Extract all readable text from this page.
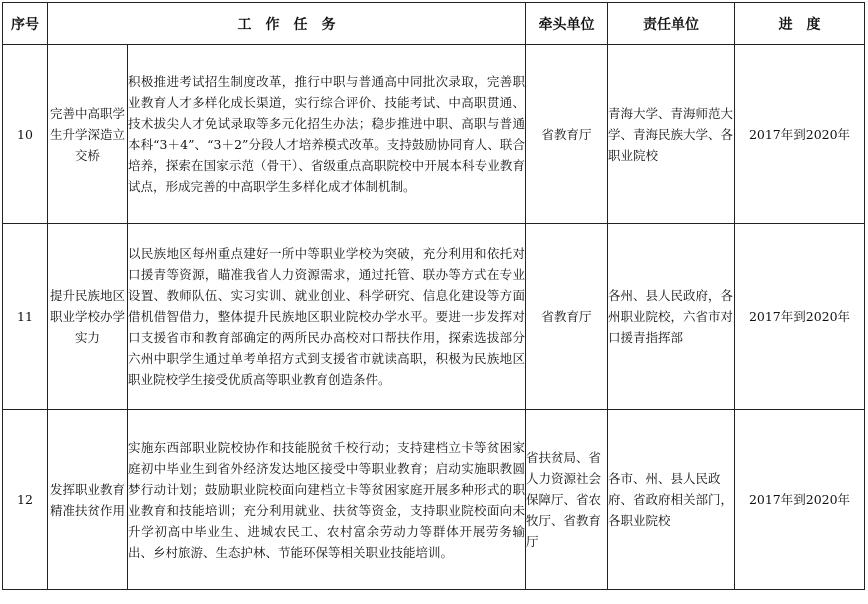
序号	工　作　任　务		牵头单位	责任单位	进　度
10	完善中高职学生升学深造立交桥	积极推进考试招生制度改革，推行中职与普通高中同批次录取，完善职业教育人才多样化成长渠道，实行综合评价、技能考试、中高职贯通、技术拔尖人才免试录取等多元化招生办法；稳步推进中职、高职与普通本科“3＋4”、“3＋2”分段人才培养模式改革。支持鼓励协同育人、联合培养，探索在国家示范（骨干）、省级重点高职院校中开展本科专业教育试点，形成完善的中高职学生多样化成才体制机制。	省教育厅	青海大学、青海师范大学、青海民族大学、各职业院校	2017年到2020年
11	提升民族地区职业学校办学实力	以民族地区每州重点建好一所中等职业学校为突破，充分利用和依托对口援青等资源，瞄准我省人力资源需求，通过托管、联办等方式在专业设置、教师队伍、实习实训、就业创业、科学研究、信息化建设等方面借机借智借力，整体提升民族地区职业院校办学水平。要进一步发挥对口支援省市和教育部确定的两所民办高校对口帮扶作用，探索选拔部分六州中职学生通过单考单招方式到支援省市就读高职，积极为民族地区职业院校学生接受优质高等职业教育创造条件。	省教育厅	各州、县人民政府，各州职业院校，六省市对口援青指挥部	2017年到2020年
12	发挥职业教育精准扶贫作用	实施东西部职业院校协作和技能脱贫千校行动；支持建档立卡等贫困家庭初中毕业生到省外经济发达地区接受中等职业教育；启动实施职教圆梦行动计划；鼓励职业院校面向建档立卡等贫困家庭开展多种形式的职业教育和技能培训；充分利用就业、扶贫等资金，支持职业院校面向未升学初高中毕业生、进城农民工、农村富余劳动力等群体开展劳务输出、乡村旅游、生态护林、节能环保等相关职业技能培训。	省扶贫局、省人力资源社会保障厅、省农牧厅、省教育厅	各市、州、县人民政府、省政府相关部门，各职业院校	2017年到2020年
